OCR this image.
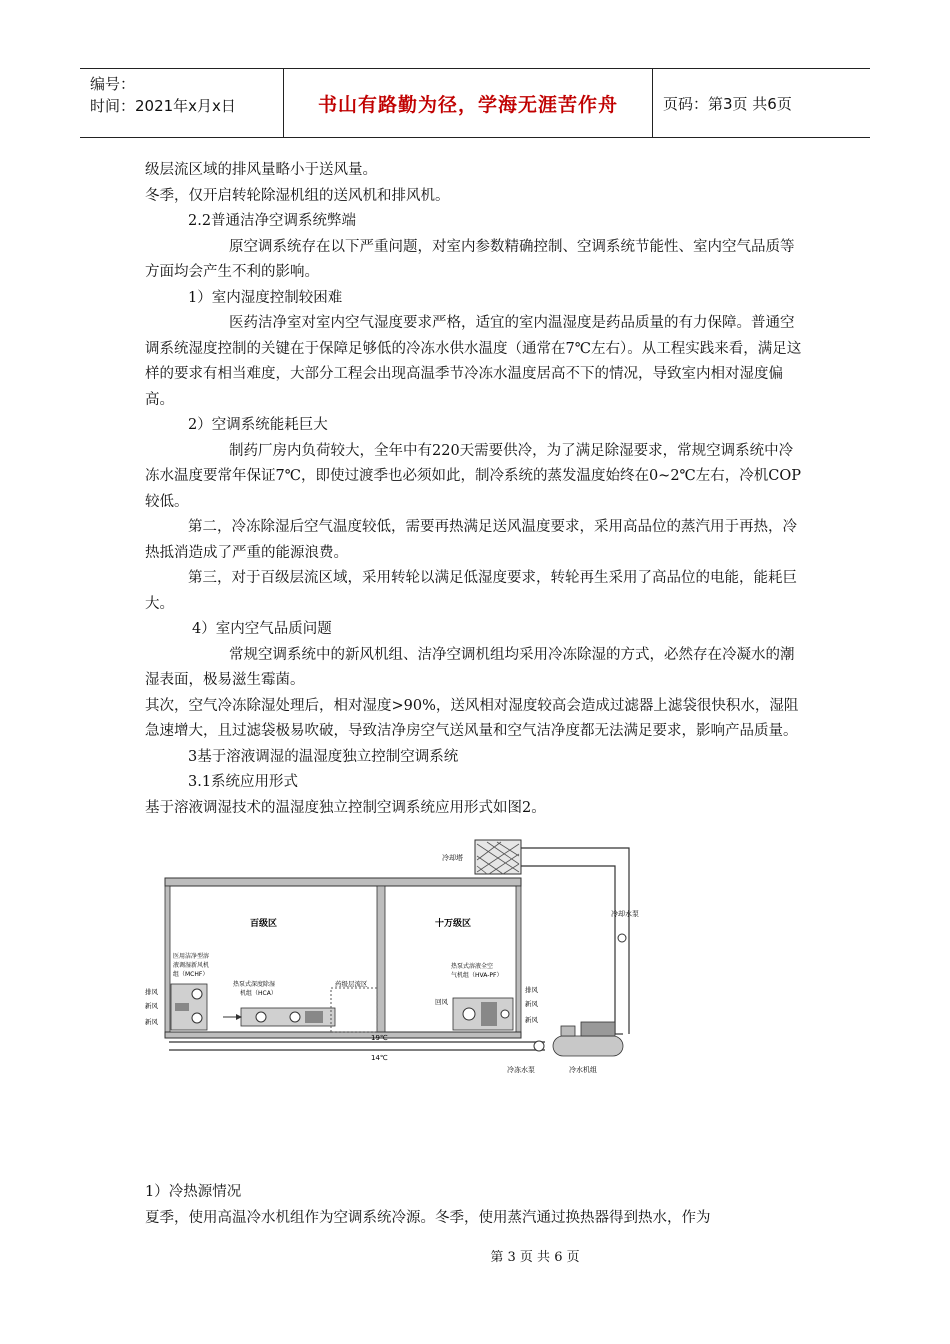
编号：
时间：2021年x月x日	书山有路勤为径，学海无涯苦作舟	页码：第3页 共6页

级层流区域的排风量略小于送风量。

冬季，仅开启转轮除湿机组的送风机和排风机。

2.2普通洁净空调系统弊端

原空调系统存在以下严重问题，对室内参数精确控制、空调系统节能性、室内空气品质等方面均会产生不利的影响。

1）室内湿度控制较困难

医药洁净室对室内空气湿度要求严格，适宜的室内温湿度是药品质量的有力保障。普通空调系统湿度控制的关键在于保障足够低的冷冻水供水温度（通常在7℃左右）。从工程实践来看，满足这样的要求有相当难度，大部分工程会出现高温季节冷冻水温度居高不下的情况，导致室内相对湿度偏高。

2）空调系统能耗巨大

制药厂房内负荷较大，全年中有220天需要供冷，为了满足除湿要求，常规空调系统中冷冻水温度要常年保证7℃，即使过渡季也必须如此，制冷系统的蒸发温度始终在0~2℃左右，冷机COP较低。

第二，冷冻除湿后空气温度较低，需要再热满足送风温度要求，采用高品位的蒸汽用于再热，冷热抵消造成了严重的能源浪费。

第三，对于百级层流区域，采用转轮以满足低湿度要求，转轮再生采用了高品位的电能，能耗巨大。

4）室内空气品质问题

常规空调系统中的新风机组、洁净空调机组均采用冷冻除湿的方式，必然存在冷凝水的潮湿表面，极易滋生霉菌。

其次，空气冷冻除湿处理后，相对湿度>90%，送风相对湿度较高会造成过滤器上滤袋很快积水，湿阻急速增大，且过滤袋极易吹破，导致洁净房空气送风量和空气洁净度都无法满足要求，影响产品质量。

3基于溶液调湿的温湿度独立控制空调系统

3.1系统应用形式

基于溶液调湿技术的温湿度独立控制空调系统应用形式如图2。

冷却塔
冷却水泵
百级区	十万级区
医用洁净型溶
液调湿新风机
组（MCHF）
排风
新风
新风
热泵式深度除湿
机组（HCA）
药级层流区
热泵式溶液全空
气机组（HVA-PF）
回风
排风
新风
新风
19℃
14℃
冷冻水泵	冷水机组

1）冷热源情况

夏季，使用高温冷水机组作为空调系统冷源。冬季，使用蒸汽通过换热器得到热水，作为

第 3 页 共 6 页
